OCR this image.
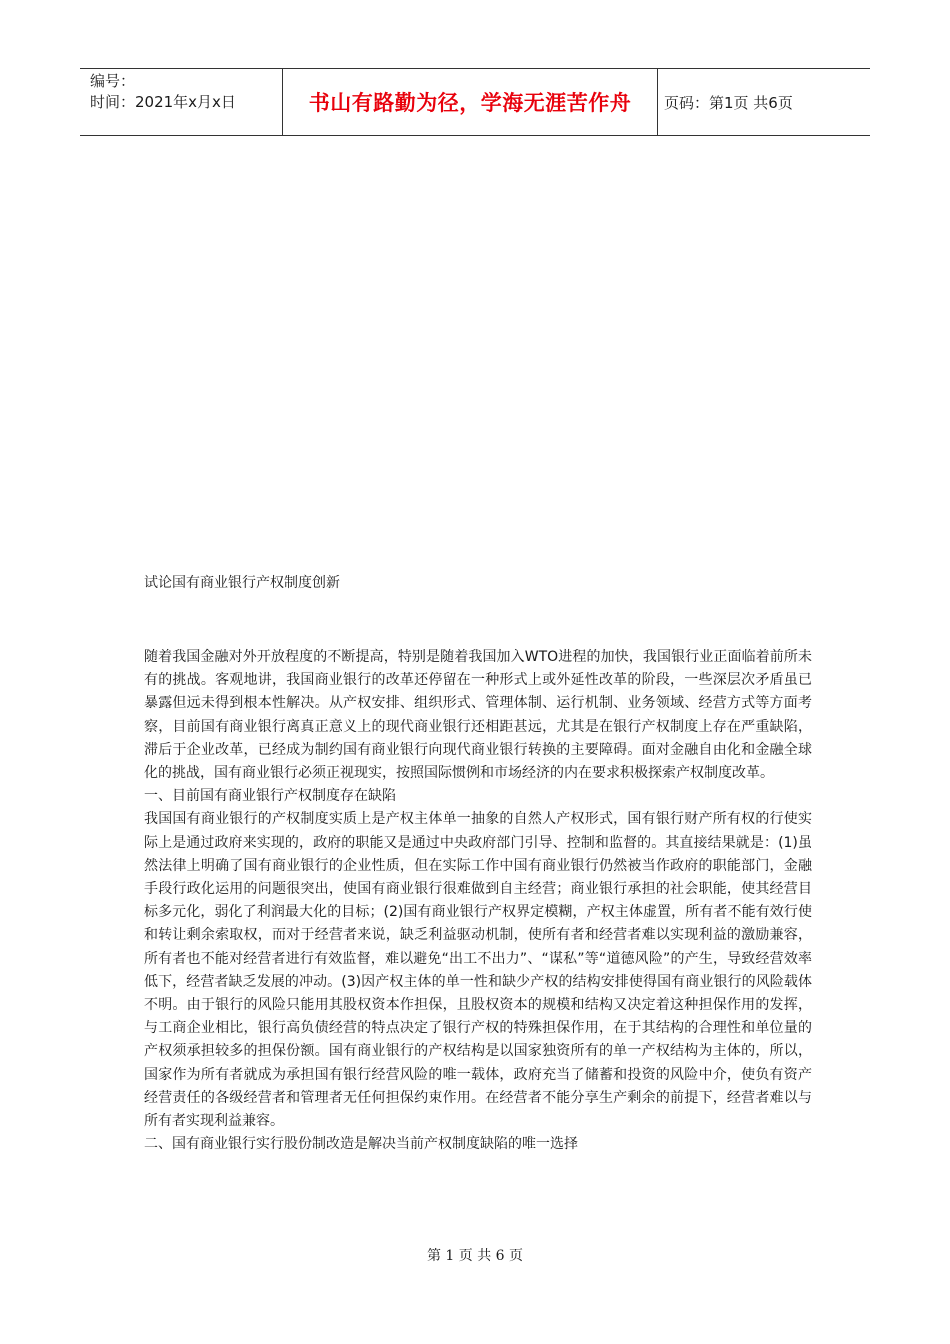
编号：
时间：2021年x月x日	书山有路勤为径，学海无涯苦作舟	页码：第1页 共6页
试论国有商业银行产权制度创新

随着我国金融对外开放程度的不断提高，特别是随着我国加入WTO进程的加快，我国银行业正面临着前所未有的挑战。客观地讲，我国商业银行的改革还停留在一种形式上或外延性改革的阶段，一些深层次矛盾虽已暴露但远未得到根本性解决。从产权安排、组织形式、管理体制、运行机制、业务领域、经营方式等方面考察，目前国有商业银行离真正意义上的现代商业银行还相距甚远，尤其是在银行产权制度上存在严重缺陷，滞后于企业改革，已经成为制约国有商业银行向现代商业银行转换的主要障碍。面对金融自由化和金融全球化的挑战，国有商业银行必须正视现实，按照国际惯例和市场经济的内在要求积极探索产权制度改革。

一、目前国有商业银行产权制度存在缺陷

我国国有商业银行的产权制度实质上是产权主体单一抽象的自然人产权形式，国有银行财产所有权的行使实际上是通过政府来实现的，政府的职能又是通过中央政府部门引导、控制和监督的。其直接结果就是：(1)虽然法律上明确了国有商业银行的企业性质，但在实际工作中国有商业银行仍然被当作政府的职能部门，金融手段行政化运用的问题很突出，使国有商业银行很难做到自主经营；商业银行承担的社会职能，使其经营目标多元化，弱化了利润最大化的目标；(2)国有商业银行产权界定模糊，产权主体虚置，所有者不能有效行使和转让剩余索取权，而对于经营者来说，缺乏利益驱动机制，使所有者和经营者难以实现利益的激励兼容，所有者也不能对经营者进行有效监督，难以避免“出工不出力”、“谋私”等“道德风险”的产生，导致经营效率低下，经营者缺乏发展的冲动。(3)因产权主体的单一性和缺少产权的结构安排使得国有商业银行的风险载体不明。由于银行的风险只能用其股权资本作担保，且股权资本的规模和结构又决定着这种担保作用的发挥，与工商企业相比，银行高负债经营的特点决定了银行产权的特殊担保作用，在于其结构的合理性和单位量的产权须承担较多的担保份额。国有商业银行的产权结构是以国家独资所有的单一产权结构为主体的，所以，国家作为所有者就成为承担国有银行经营风险的唯一载体，政府充当了储蓄和投资的风险中介，使负有资产经营责任的各级经营者和管理者无任何担保约束作用。在经营者不能分享生产剩余的前提下，经营者难以与所有者实现利益兼容。

二、国有商业银行实行股份制改造是解决当前产权制度缺陷的唯一选择

第 1 页 共 6 页
